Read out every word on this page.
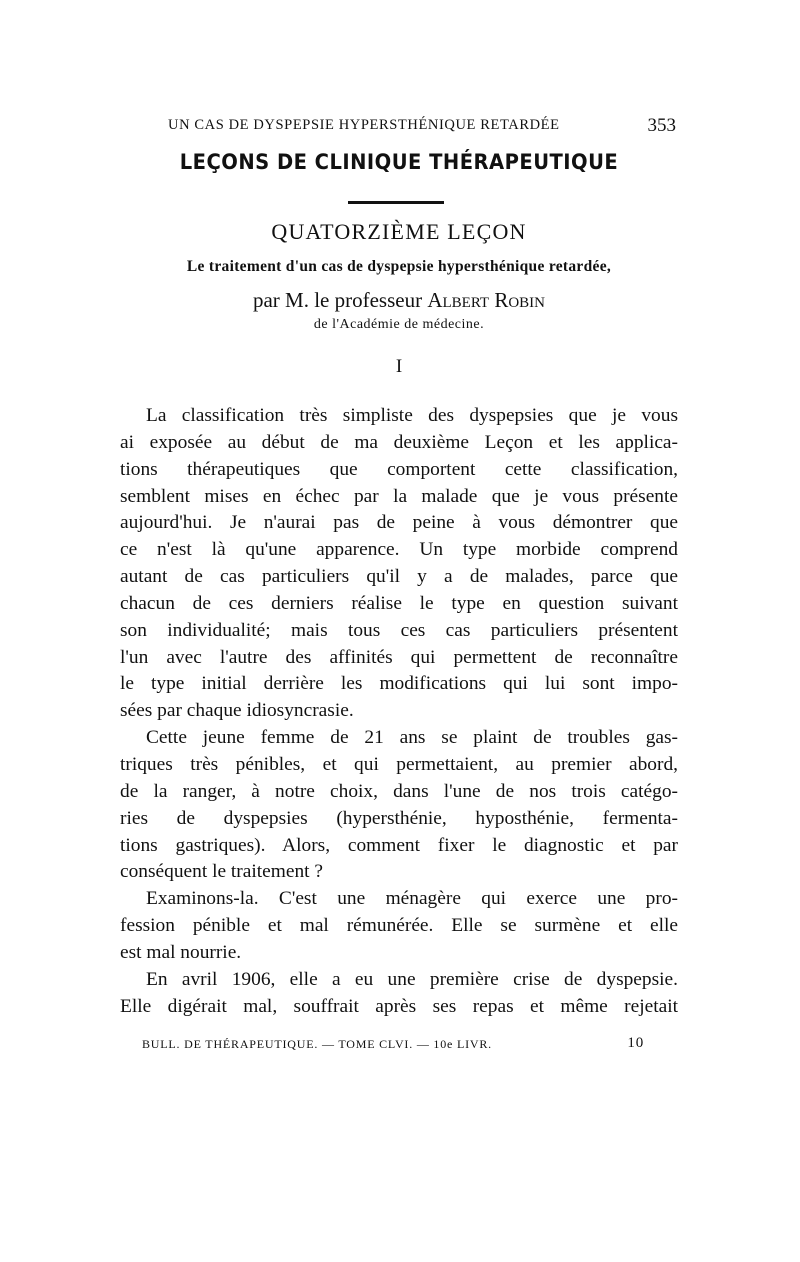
UN CAS DE DYSPEPSIE HYPERSTHÉNIQUE RETARDÉE	353
LEÇONS DE CLINIQUE THÉRAPEUTIQUE
QUATORZIÈME LEÇON
Le traitement d'un cas de dyspepsie hypersthénique retardée,
par M. le professeur Albert Robin
de l'Académie de médecine.
I
La classification très simpliste des dyspepsies que je vous
ai exposée au début de ma deuxième Leçon et les applica-
tions thérapeutiques que comportent cette classification,
semblent mises en échec par la malade que je vous présente
aujourd'hui. Je n'aurai pas de peine à vous démontrer que
ce n'est là qu'une apparence. Un type morbide comprend
autant de cas particuliers qu'il y a de malades, parce que
chacun de ces derniers réalise le type en question suivant
son individualité; mais tous ces cas particuliers présentent
l'un avec l'autre des affinités qui permettent de reconnaître
le type initial derrière les modifications qui lui sont impo-
sées par chaque idiosyncrasie.
Cette jeune femme de 21 ans se plaint de troubles gas-
triques très pénibles, et qui permettaient, au premier abord,
de la ranger, à notre choix, dans l'une de nos trois catégo-
ries de dyspepsies (hypersthénie, hyposthénie, fermenta-
tions gastriques). Alors, comment fixer le diagnostic et par
conséquent le traitement ?
Examinons-la. C'est une ménagère qui exerce une pro-
fession pénible et mal rémunérée. Elle se surmène et elle
est mal nourrie.
En avril 1906, elle a eu une première crise de dyspepsie.
Elle digérait mal, souffrait après ses repas et même rejetait
BULL. DE THÉRAPEUTIQUE. — TOME CLVI. — 10e LIVR.	10
